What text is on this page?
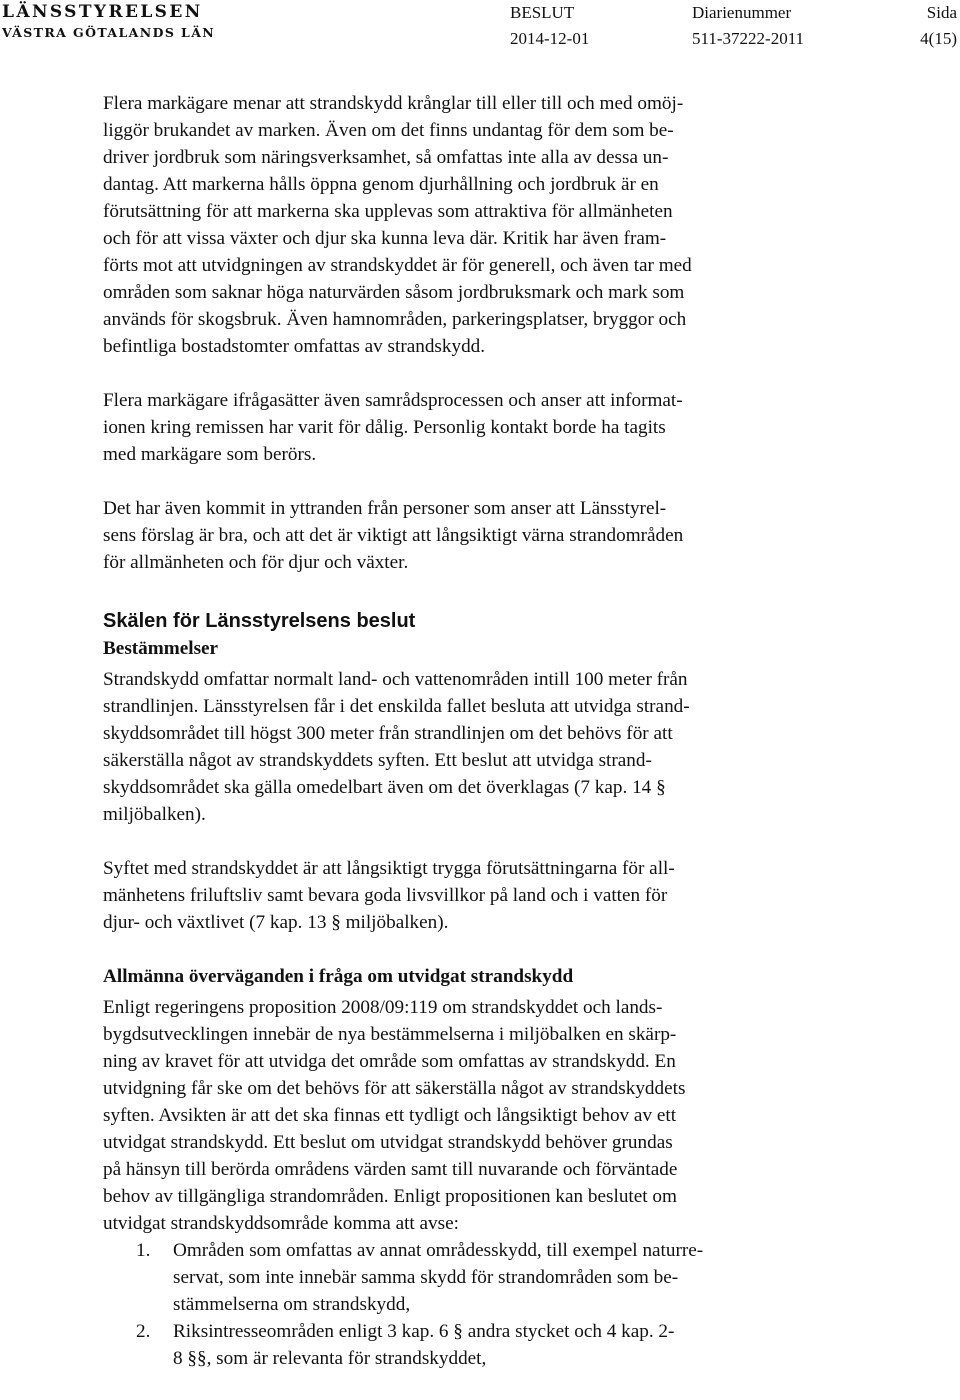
LÄNSSTYRELSEN
VÄSTRA GÖTALANDS LÄN
BESLUT
2014-12-01
Diarienummer
511-37222-2011
Sida
4(15)

Flera markägare menar att strandskydd krånglar till eller till och med omöj-
liggör brukandet av marken. Även om det finns undantag för dem som be-
driver jordbruk som näringsverksamhet, så omfattas inte alla av dessa un-
dantag. Att markerna hålls öppna genom djurhållning och jordbruk är en
förutsättning för att markerna ska upplevas som attraktiva för allmänheten
och för att vissa växter och djur ska kunna leva där. Kritik har även fram-
förts mot att utvidgningen av strandskyddet är för generell, och även tar med
områden som saknar höga naturvärden såsom jordbruksmark och mark som
används för skogsbruk. Även hamnområden, parkeringsplatser, bryggor och
befintliga bostadstomter omfattas av strandskydd.

Flera markägare ifrågasätter även samrådsprocessen och anser att informat-
ionen kring remissen har varit för dålig. Personlig kontakt borde ha tagits
med markägare som berörs.

Det har även kommit in yttranden från personer som anser att Länsstyrel-
sens förslag är bra, och att det är viktigt att långsiktigt värna strandområden
för allmänheten och för djur och växter.

Skälen för Länsstyrelsens beslut
Bestämmelser

Strandskydd omfattar normalt land- och vattenområden intill 100 meter från
strandlinjen. Länsstyrelsen får i det enskilda fallet besluta att utvidga strand-
skyddsområdet till högst 300 meter från strandlinjen om det behövs för att
säkerställa något av strandskyddets syften. Ett beslut att utvidga strand-
skyddsområdet ska gälla omedelbart även om det överklagas (7 kap. 14 §
miljöbalken).

Syftet med strandskyddet är att långsiktigt trygga förutsättningarna för all-
mänhetens friluftsliv samt bevara goda livsvillkor på land och i vatten för
djur- och växtlivet (7 kap. 13 § miljöbalken).

Allmänna överväganden i fråga om utvidgat strandskydd

Enligt regeringens proposition 2008/09:119 om strandskyddet och lands-
bygdsutvecklingen innebär de nya bestämmelserna i miljöbalken en skärp-
ning av kravet för att utvidga det område som omfattas av strandskydd. En
utvidgning får ske om det behövs för att säkerställa något av strandskyddets
syften. Avsikten är att det ska finnas ett tydligt och långsiktigt behov av ett
utvidgat strandskydd. Ett beslut om utvidgat strandskydd behöver grundas
på hänsyn till berörda områdens värden samt till nuvarande och förväntade
behov av tillgängliga strandområden. Enligt propositionen kan beslutet om
utvidgat strandskyddsområde komma att avse:

1. Områden som omfattas av annat områdesskydd, till exempel naturre-
servat, som inte innebär samma skydd för strandområden som be-
stämmelserna om strandskydd,
2. Riksintresseområden enligt 3 kap. 6 § andra stycket och 4 kap. 2-
8 §§, som är relevanta för strandskyddet,
